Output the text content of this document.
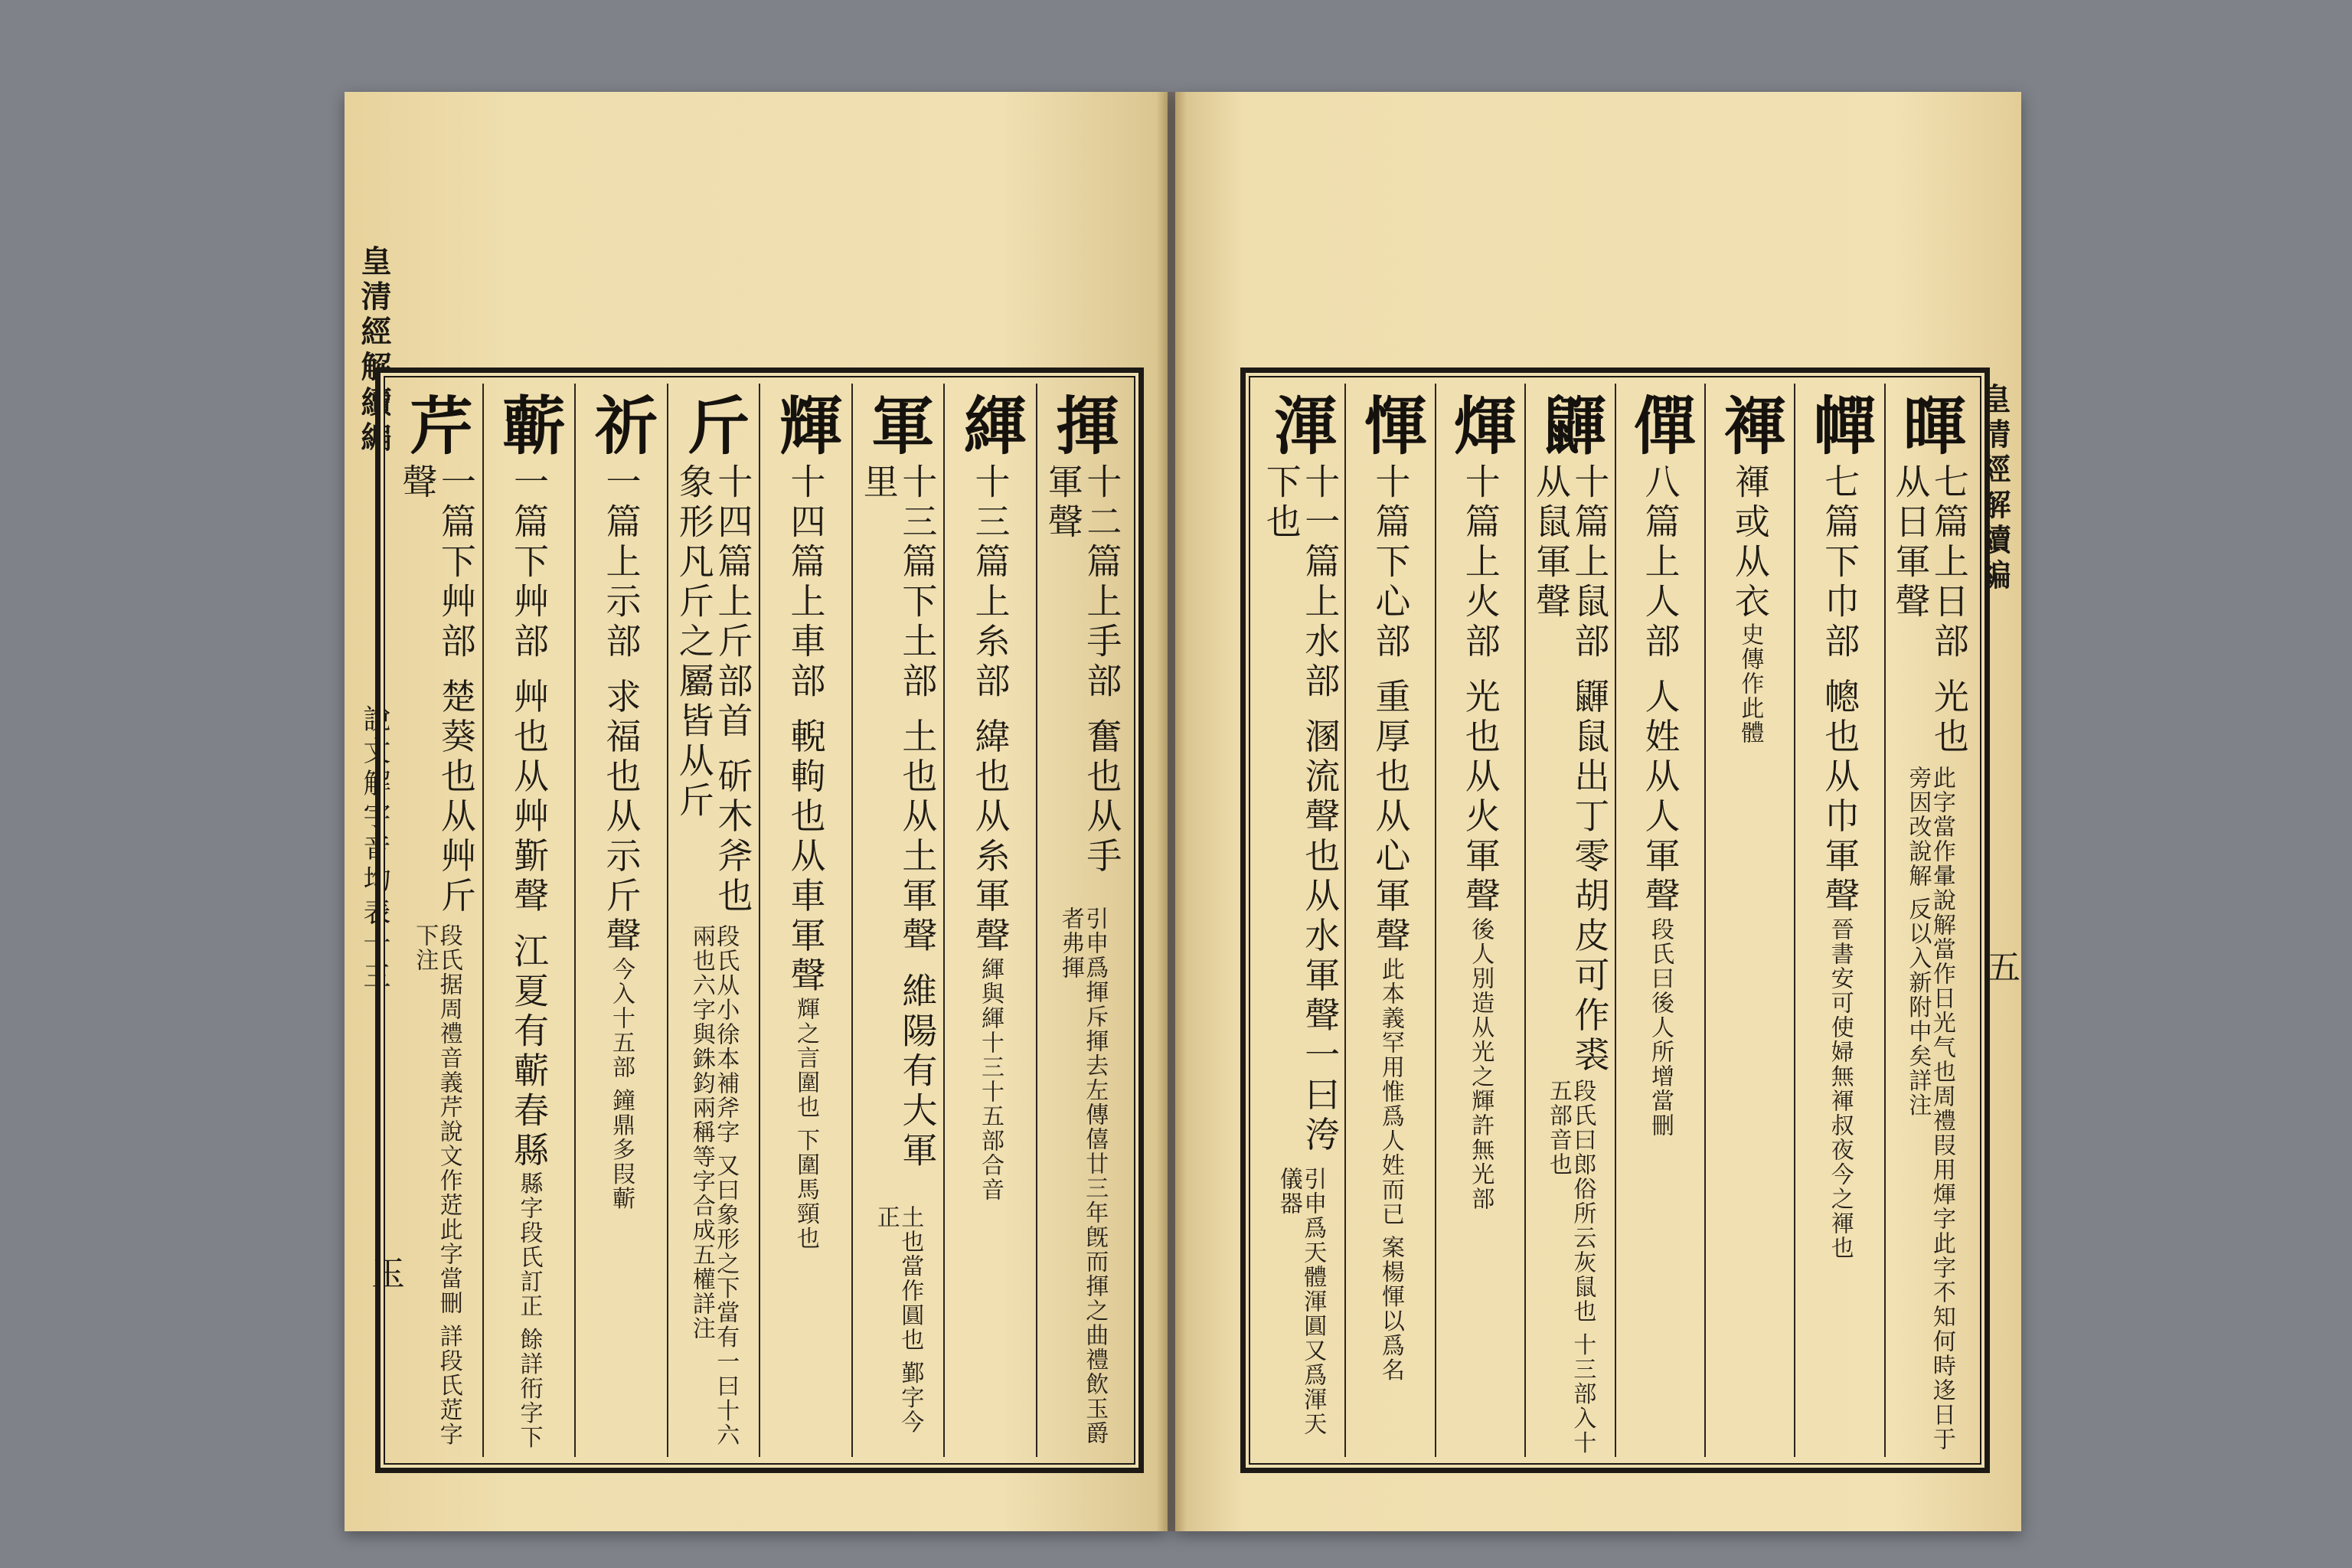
皇清經解續編
說文解字音均表十三
玉
揮
十二篇上手部 奮也从手軍聲
引申爲揮斥揮去左傳僖廿三年旣而揮之曲禮飲玉爵者弗揮
緷
十三篇上糸部 緯也从糸軍聲
緷與緷十三十五部合音
軍
十三篇下土部 土也从土軍聲 維陽有大軍里
土也當作圓也 鄞字今正
輝
十四篇上車部 輗軥也从車軍聲
輝之言圍也 下圍馬頸也
斤
十四篇上斤部首 斫木斧也象形凡斤之屬皆从斤
段氏从小徐本補斧字 又曰象形之下當有一曰十六兩也六字與銖鈞兩稱等字合成五權詳注
祈
一篇上示部 求福也从示斤聲
今入十五部 鐘鼎多叚蘄
蘄
一篇下艸部 艸也从艸斳聲 江夏有蘄春縣
縣字段氏訂正 餘詳衎字下
芹
一篇下艸部 楚葵也从艸斤聲
段氏据周禮音義芹說文作菦此字當刪 詳段氏菦字下注
皇清經解續編
五
暉
七篇上日部 光也从日軍聲
此字當作暈說解當作日光气也周禮叚用煇字此字不知何時迻日于旁因改說解 反以入新附中矣詳注
幝
七篇下巾部 幒也从巾軍聲
晉書安可使婦無褌叔夜今之褌也
褌
褌或从衣
史傳作此體
僤
八篇上人部 人姓从人軍聲
段氏曰後人所增當刪
鼲
十篇上鼠部 鼲鼠出丁零胡皮可作裘从鼠軍聲
段氏曰郎俗所云灰鼠也 十三部入十五部音也
煇
十篇上火部 光也从火軍聲
後人別造从光之輝許無光部
惲
十篇下心部 重厚也从心軍聲
此本義罕用惟爲人姓而已 案楊惲以爲名
渾
十一篇上水部 溷流聲也从水軍聲一曰洿下也
引申爲天體渾圓又爲渾天儀器
